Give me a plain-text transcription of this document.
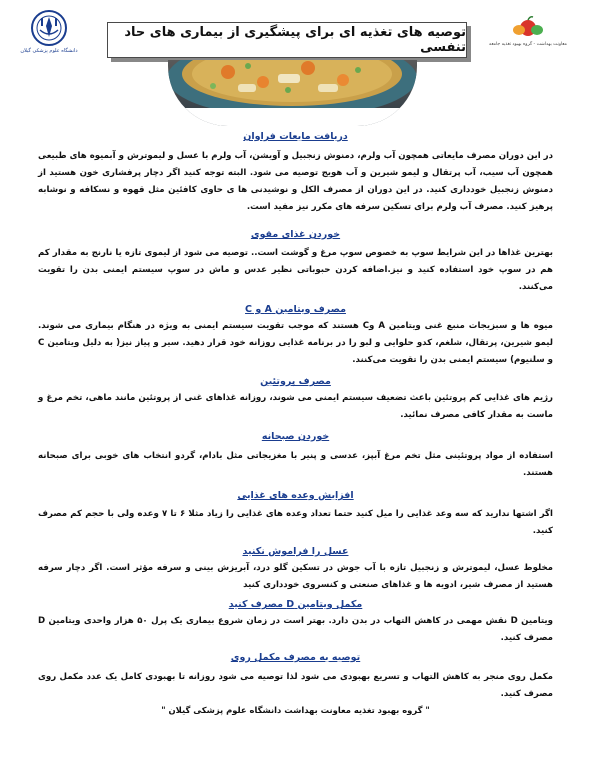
دانشگاه علوم پزشکی گیلان
توصیه های تغذیه ای برای پیشگیری از بیماری های حاد تنفسی	معاونت بهداشت - گروه بهبود تغذیه جامعه

دریافت مایعات فراوان

در این دوران مصرف مایعاتی همچون آب ولرم، دمنوش زنجبیل و آویشن، آب ولرم با عسل و لیموترش و آبمیوه های طبیعی همچون آب سیب، آب پرتقال و لیمو شیرین و آب هویج توصیه می شود. البته توجه کنید اگر دچار پرفشاری خون هستید از دمنوش زنجبیل خودداری کنید. در این دوران از مصرف الکل و نوشیدنی ها ی حاوی کافئین مثل قهوه و نسکافه و نوشابه پرهیز کنید. مصرف آب ولرم برای تسکین سرفه های مکرر نیز مفید است.

خوردن غذای مقوی

بهترین غذاها در این شرایط سوپ به خصوص سوپ مرغ و گوشت است.. توصیه می شود از لیموی تازه یا نارنج به مقدار کم هم در سوپ خود استفاده کنید و نیز.اضافه کردن حبوباتی نظیر عدس و ماش در سوپ سیستم ایمنی بدن را تقویت می‌کنند.

مصرف ویتامین A و C

میوه ها و سبزیجات منبع غنی ویتامین A وC هستند که موجب تقویت سیستم ایمنی به ویژه در هنگام بیماری می شوند. لیمو شیرین، پرتقال، شلغم، کدو حلوایی و لبو را در برنامه غذایی روزانه خود قرار دهید. سیر و پیاز نیز( به دلیل ویتامین C و سلنیوم) سیستم ایمنی بدن را تقویت می‌کنند.

مصرف پروتئین

رژیم های غذایی کم پروتئین باعث تضعیف سیستم ایمنی می شوند، روزانه غذاهای غنی از پروتئین مانند ماهی، تخم مرغ و ماست به مقدار کافی مصرف نمائید.

خوردن صبحانه

استفاده از مواد پروتئینی مثل تخم مرغ آبپز، عدسی و پنیر با مغزیجاتی مثل بادام، گردو انتخاب های خوبی برای صبحانه هستند.

افزایش وعده های غذایی

اگر اشتها ندارید که سه وعد غذایی را میل کنید حتما تعداد وعده های غذایی را زیاد مثلا ۶ تا ۷ وعده ولی با حجم کم مصرف کنید.

عسل را فراموش نکنید

مخلوط عسل، لیموترش و زنجبیل تازه با آب جوش در تسکین گلو درد، آبریزش بینی و سرفه مؤثر است. اگر دچار سرفه هستید از مصرف شیر، ادویه ها و غذاهای صنعتی و کنسروی خودداری کنید

مکمل ویتامین D مصرف کنید

ویتامین D نقش مهمی در کاهش التهاب در بدن دارد. بهتر است در زمان شروع بیماری یک پرل ۵۰ هزار واحدی ویتامین D مصرف کنید.

توصیه به مصرف مکمل روی

مکمل روی منجر به کاهش التهاب و تسریع بهبودی می شود لذا توصیه می شود روزانه تا بهبودی کامل یک عدد مکمل روی مصرف کنید.

" گروه بهبود تغذیه معاونت بهداشت دانشگاه علوم پزشکی گیلان "
